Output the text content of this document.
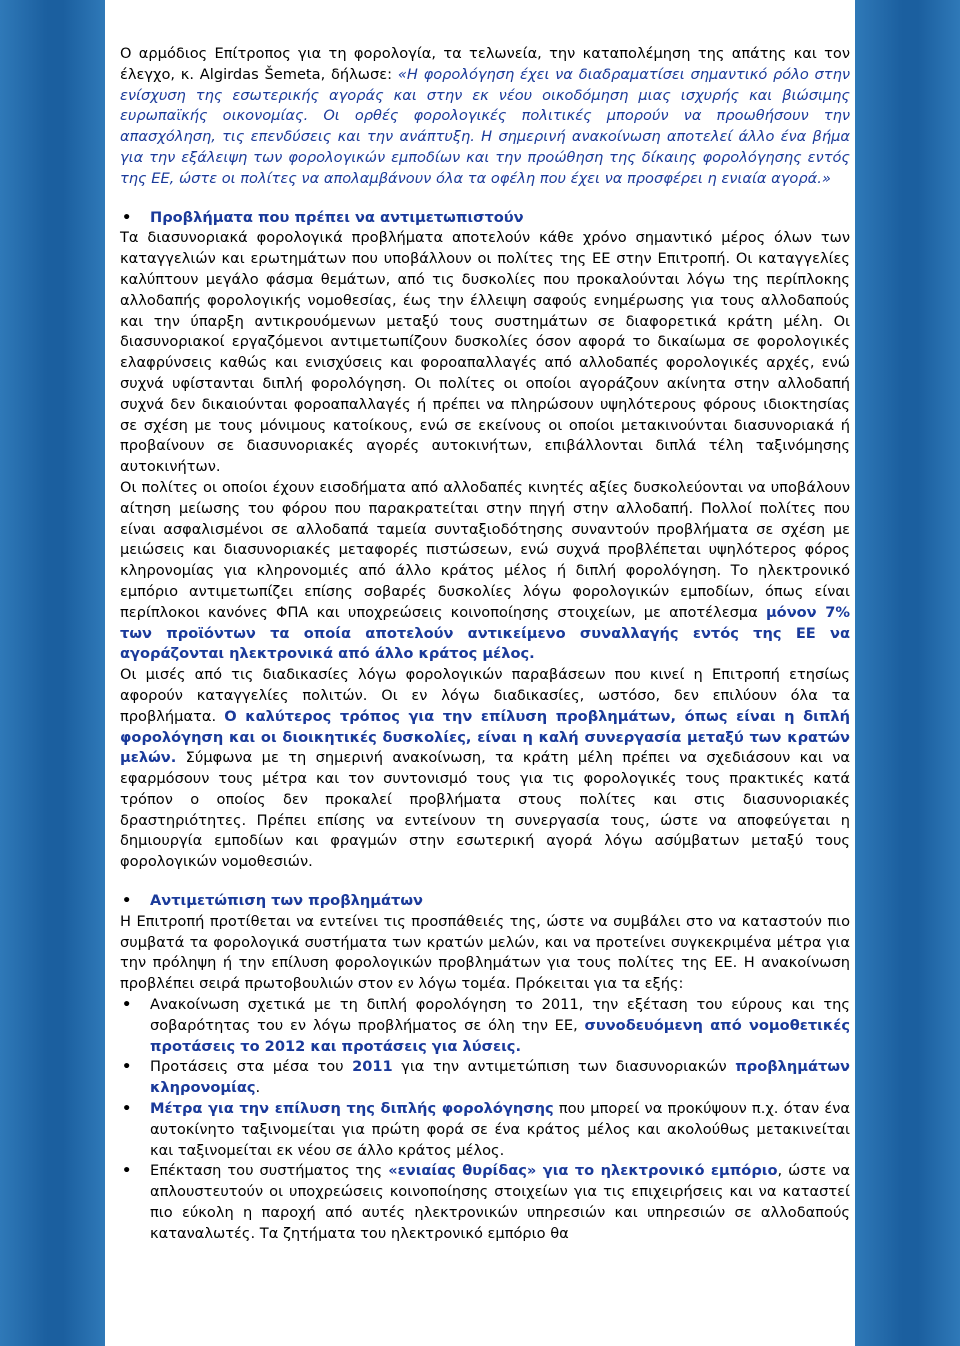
Ο αρμόδιος Επίτροπος για τη φορολογία, τα τελωνεία, την καταπολέμηση της απάτης και τον έλεγχο, κ. Algirdas Šemeta, δήλωσε: «Η φορολόγηση έχει να διαδραματίσει σημαντικό ρόλο στην ενίσχυση της εσωτερικής αγοράς και στην εκ νέου οικοδόμηση μιας ισχυρής και βιώσιμης ευρωπαϊκής οικονομίας. Οι ορθές φορολογικές πολιτικές μπορούν να προωθήσουν την απασχόληση, τις επενδύσεις και την ανάπτυξη. Η σημερινή ανακοίνωση αποτελεί άλλο ένα βήμα για την εξάλειψη των φορολογικών εμποδίων και την προώθηση της δίκαιης φορολόγησης εντός της ΕΕ, ώστε οι πολίτες να απολαμβάνουν όλα τα οφέλη που έχει να προσφέρει η ενιαία αγορά.»

• Προβλήματα που πρέπει να αντιμετωπιστούν

Τα διασυνοριακά φορολογικά προβλήματα αποτελούν κάθε χρόνο σημαντικό μέρος όλων των καταγγελιών και ερωτημάτων που υποβάλλουν οι πολίτες της ΕΕ στην Επιτροπή. Οι καταγγελίες καλύπτουν μεγάλο φάσμα θεμάτων, από τις δυσκολίες που προκαλούνται λόγω της περίπλοκης αλλοδαπής φορολογικής νομοθεσίας, έως την έλλειψη σαφούς ενημέρωσης για τους αλλοδαπούς και την ύπαρξη αντικρουόμενων μεταξύ τους συστημάτων σε διαφορετικά κράτη μέλη. Οι διασυνοριακοί εργαζόμενοι αντιμετωπίζουν δυσκολίες όσον αφορά το δικαίωμα σε φορολογικές ελαφρύνσεις καθώς και ενισχύσεις και φοροαπαλλαγές από αλλοδαπές φορολογικές αρχές, ενώ συχνά υφίστανται διπλή φορολόγηση. Οι πολίτες οι οποίοι αγοράζουν ακίνητα στην αλλοδαπή συχνά δεν δικαιούνται φοροαπαλλαγές ή πρέπει να πληρώσουν υψηλότερους φόρους ιδιοκτησίας σε σχέση με τους μόνιμους κατοίκους, ενώ σε εκείνους οι οποίοι μετακινούνται διασυνοριακά ή προβαίνουν σε διασυνοριακές αγορές αυτοκινήτων, επιβάλλονται διπλά τέλη ταξινόμησης αυτοκινήτων.

Οι πολίτες οι οποίοι έχουν εισοδήματα από αλλοδαπές κινητές αξίες δυσκολεύονται να υποβάλουν αίτηση μείωσης του φόρου που παρακρατείται στην πηγή στην αλλοδαπή. Πολλοί πολίτες που είναι ασφαλισμένοι σε αλλοδαπά ταμεία συνταξιοδότησης συναντούν προβλήματα σε σχέση με μειώσεις και διασυνοριακές μεταφορές πιστώσεων, ενώ συχνά προβλέπεται υψηλότερος φόρος κληρονομίας για κληρονομιές από άλλο κράτος μέλος ή διπλή φορολόγηση. Το ηλεκτρονικό εμπόριο αντιμετωπίζει επίσης σοβαρές δυσκολίες λόγω φορολογικών εμποδίων, όπως είναι περίπλοκοι κανόνες ΦΠΑ και υποχρεώσεις κοινοποίησης στοιχείων, με αποτέλεσμα μόνον 7% των προϊόντων τα οποία αποτελούν αντικείμενο συναλλαγής εντός της ΕΕ να αγοράζονται ηλεκτρονικά από άλλο κράτος μέλος.

Οι μισές από τις διαδικασίες λόγω φορολογικών παραβάσεων που κινεί η Επιτροπή ετησίως αφορούν καταγγελίες πολιτών. Οι εν λόγω διαδικασίες, ωστόσο, δεν επιλύουν όλα τα προβλήματα. Ο καλύτερος τρόπος για την επίλυση προβλημάτων, όπως είναι η διπλή φορολόγηση και οι διοικητικές δυσκολίες, είναι η καλή συνεργασία μεταξύ των κρατών μελών. Σύμφωνα με τη σημερινή ανακοίνωση, τα κράτη μέλη πρέπει να σχεδιάσουν και να εφαρμόσουν τους μέτρα και τον συντονισμό τους για τις φορολογικές τους πρακτικές κατά τρόπον ο οποίος δεν προκαλεί προβλήματα στους πολίτες και στις διασυνοριακές δραστηριότητες. Πρέπει επίσης να εντείνουν τη συνεργασία τους, ώστε να αποφεύγεται η δημιουργία εμποδίων και φραγμών στην εσωτερική αγορά λόγω ασύμβατων μεταξύ τους φορολογικών νομοθεσιών.

• Αντιμετώπιση των προβλημάτων

Η Επιτροπή προτίθεται να εντείνει τις προσπάθειές της, ώστε να συμβάλει στο να καταστούν πιο συμβατά τα φορολογικά συστήματα των κρατών μελών, και να προτείνει συγκεκριμένα μέτρα για την πρόληψη ή την επίλυση φορολογικών προβλημάτων για τους πολίτες της ΕΕ. Η ανακοίνωση προβλέπει σειρά πρωτοβουλιών στον εν λόγω τομέα. Πρόκειται για τα εξής:

• Ανακοίνωση σχετικά με τη διπλή φορολόγηση το 2011, την εξέταση του εύρους και της σοβαρότητας του εν λόγω προβλήματος σε όλη την ΕΕ, συνοδευόμενη από νομοθετικές προτάσεις το 2012 και προτάσεις για λύσεις.
• Προτάσεις στα μέσα του 2011 για την αντιμετώπιση των διασυνοριακών προβλημάτων κληρονομίας.
• Μέτρα για την επίλυση της διπλής φορολόγησης που μπορεί να προκύψουν π.χ. όταν ένα αυτοκίνητο ταξινομείται για πρώτη φορά σε ένα κράτος μέλος και ακολούθως μετακινείται και ταξινομείται εκ νέου σε άλλο κράτος μέλος.
• Επέκταση του συστήματος της «ενιαίας θυρίδας» για το ηλεκτρονικό εμπόριο, ώστε να απλουστευτούν οι υποχρεώσεις κοινοποίησης στοιχείων για τις επιχειρήσεις και να καταστεί πιο εύκολη η παροχή από αυτές ηλεκτρονικών υπηρεσιών και υπηρεσιών σε αλλοδαπούς καταναλωτές. Τα ζητήματα του ηλεκτρονικό εμπόριο θα
